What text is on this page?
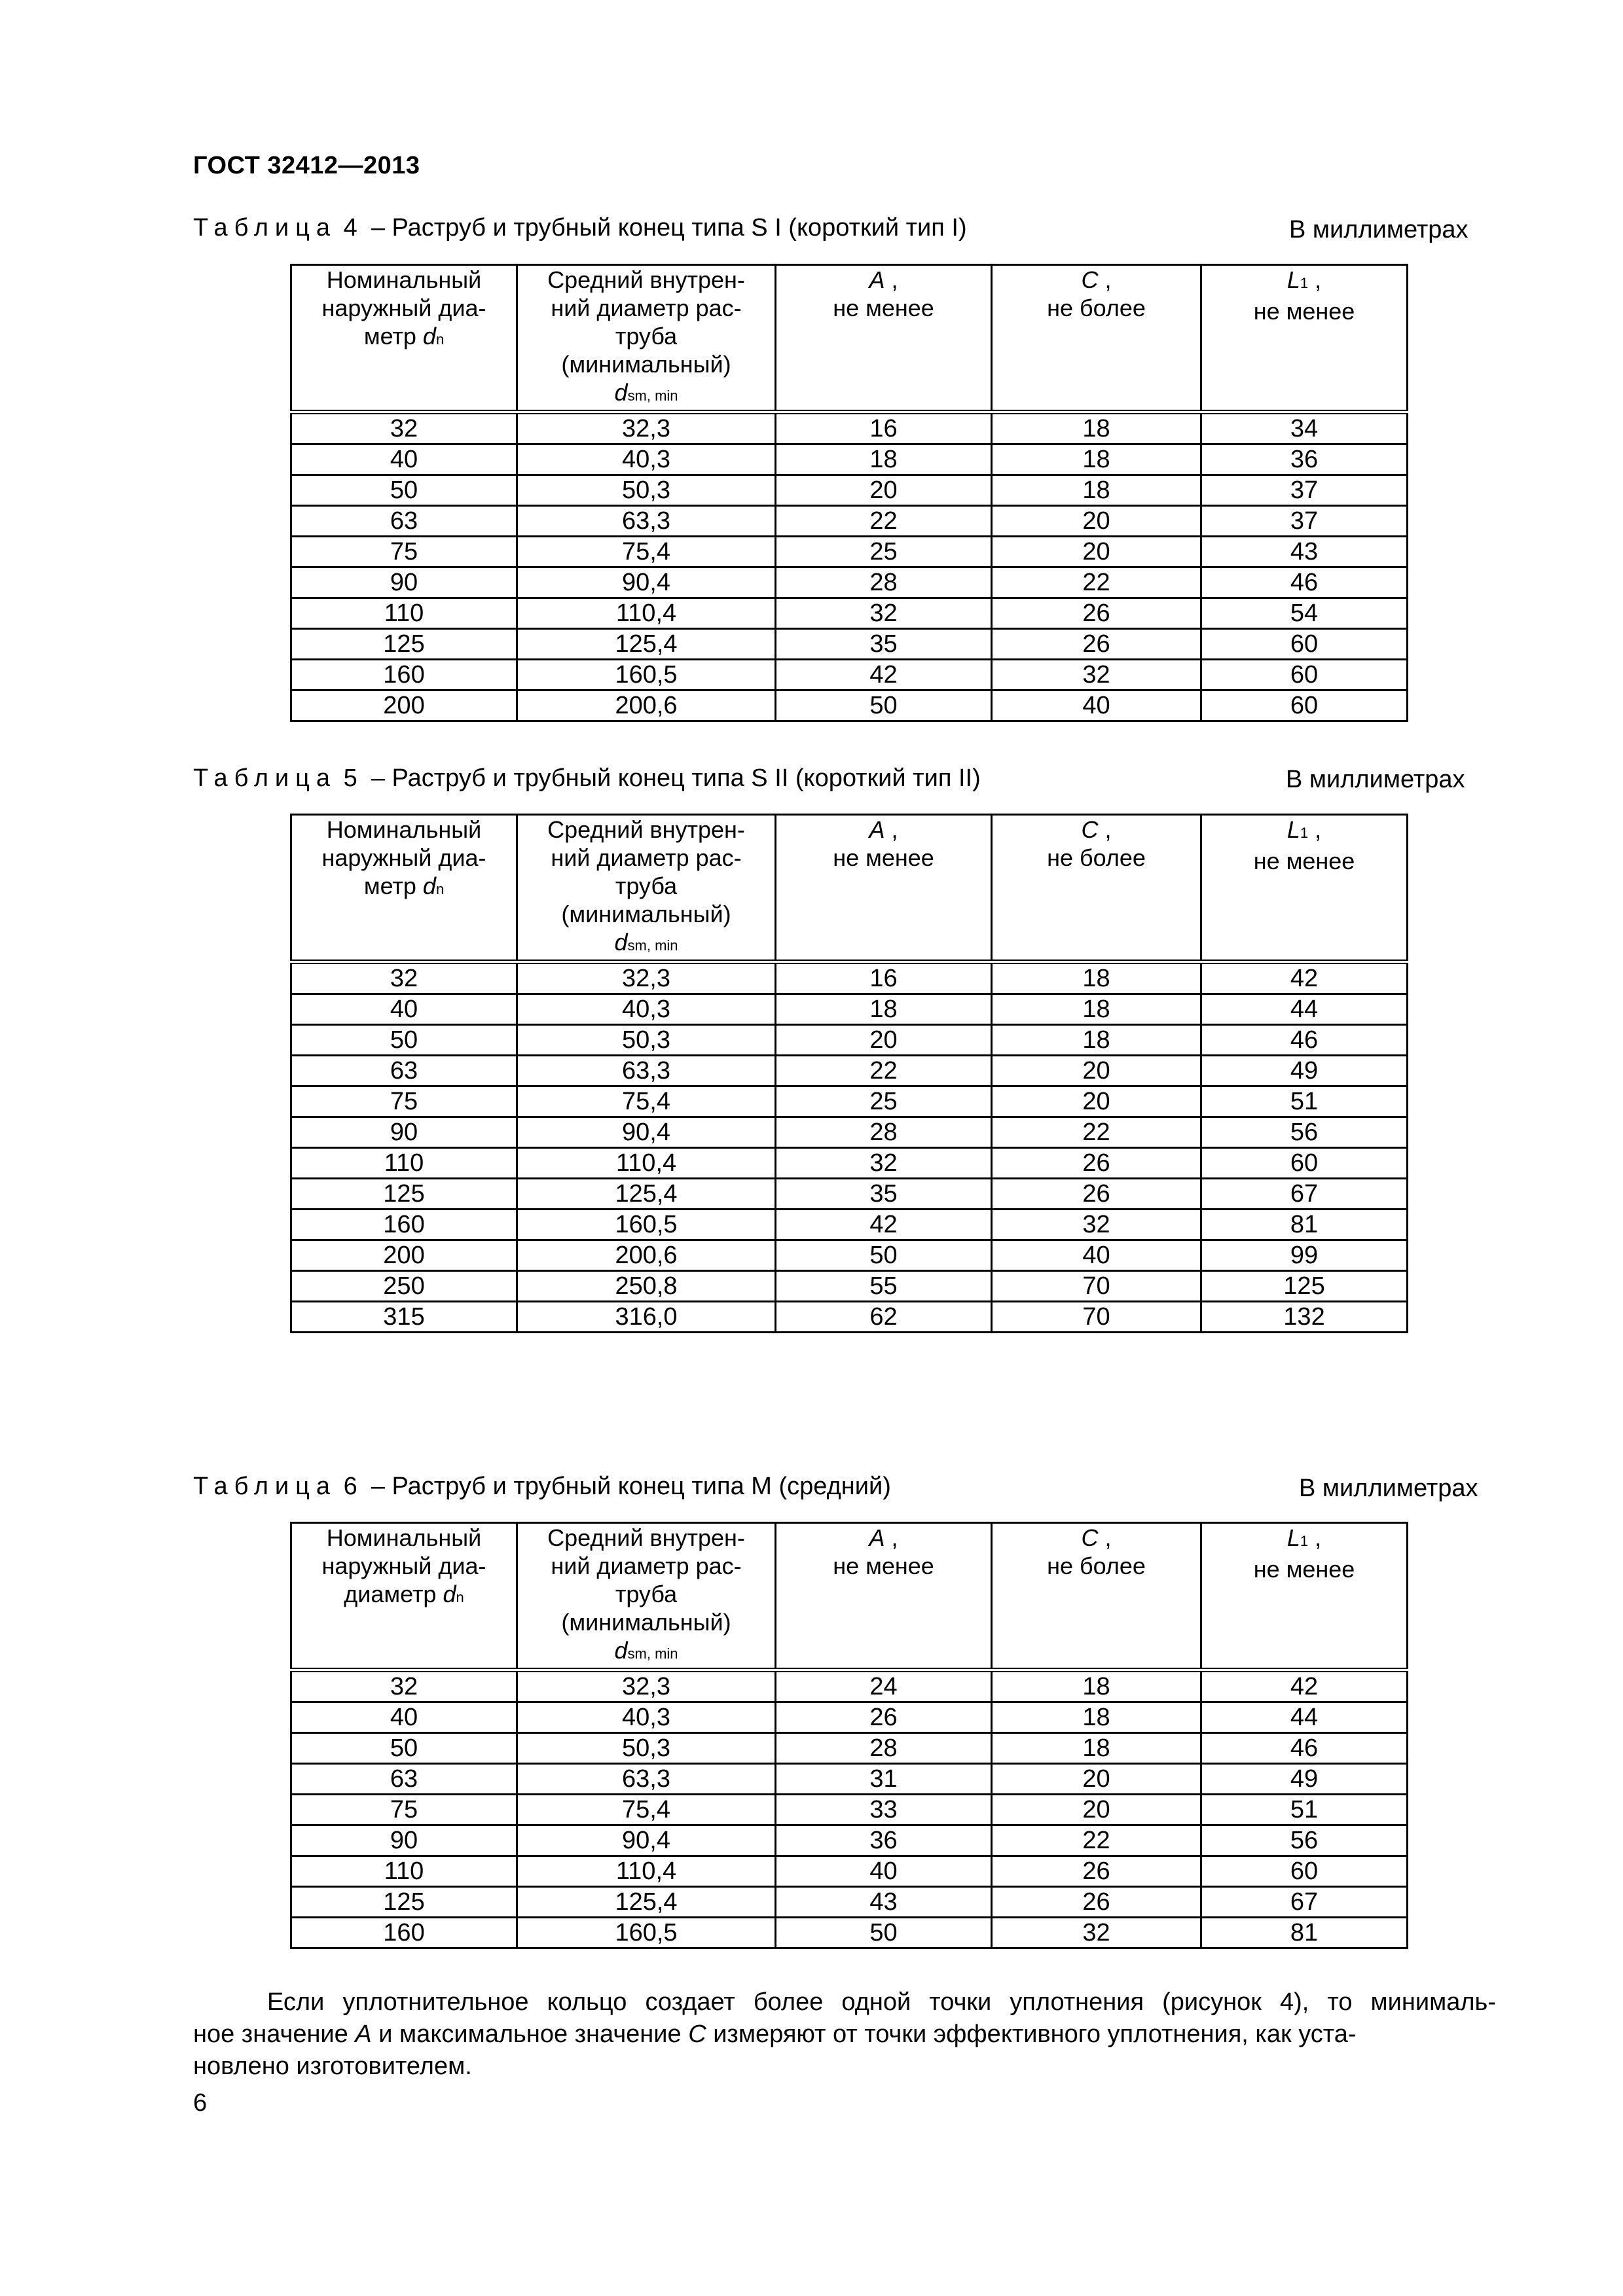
ГОСТ 32412—2013
Таблица 4 – Раструб и трубный конец типа S I (короткий тип I)	В миллиметрах
Номинальный
наружный диа-
метр dn	Средний внутрен-
ний диаметр рас-
труба
(минимальный)
dsm, min	A ,
не менее	C ,
не более	L1 ,
не менее
32	32,3	16	18	34
40	40,3	18	18	36
50	50,3	20	18	37
63	63,3	22	20	37
75	75,4	25	20	43
90	90,4	28	22	46
110	110,4	32	26	54
125	125,4	35	26	60
160	160,5	42	32	60
200	200,6	50	40	60
Таблица 5 – Раструб и трубный конец типа S II (короткий тип II)	В миллиметрах
Номинальный
наружный диа-
метр dn	Средний внутрен-
ний диаметр рас-
труба
(минимальный)
dsm, min	A ,
не менее	C ,
не более	L1 ,
не менее
32	32,3	16	18	42
40	40,3	18	18	44
50	50,3	20	18	46
63	63,3	22	20	49
75	75,4	25	20	51
90	90,4	28	22	56
110	110,4	32	26	60
125	125,4	35	26	67
160	160,5	42	32	81
200	200,6	50	40	99
250	250,8	55	70	125
315	316,0	62	70	132
Таблица 6 – Раструб и трубный конец типа M (средний)	В миллиметрах
Номинальный
наружный диа-
диаметр dn	Средний внутрен-
ний диаметр рас-
труба
(минимальный)
dsm, min	A ,
не менее	C ,
не более	L1 ,
не менее
32	32,3	24	18	42
40	40,3	26	18	44
50	50,3	28	18	46
63	63,3	31	20	49
75	75,4	33	20	51
90	90,4	36	22	56
110	110,4	40	26	60
125	125,4	43	26	67
160	160,5	50	32	81
Если уплотнительное кольцо создает более одной точки уплотнения (рисунок 4), то минималь-
ное значение A и максимальное значение C измеряют от точки эффективного уплотнения, как уста-
новлено изготовителем.
6
